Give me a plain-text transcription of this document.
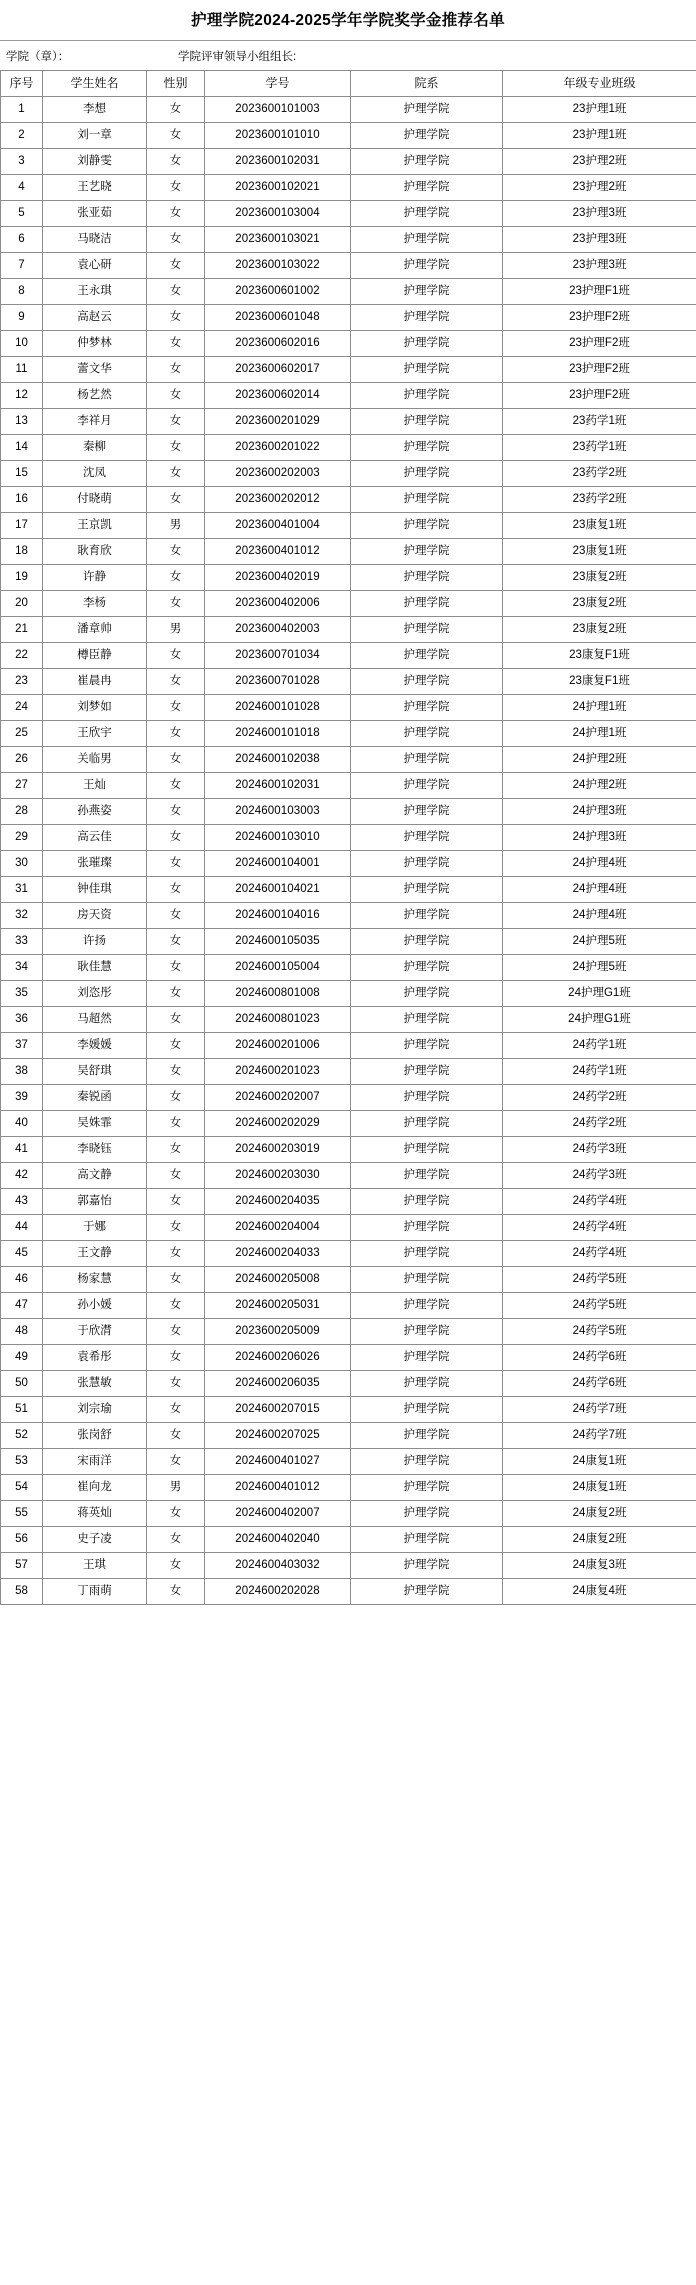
护理学院2024-2025学年学院奖学金推荐名单
学院（章）：	学院评审领导小组组长:
序号	学生姓名	性别	学号	院系	年级专业班级
1	李想	女	2023600101003	护理学院	23护理1班
2	刘一章	女	2023600101010	护理学院	23护理1班
3	刘静雯	女	2023600102031	护理学院	23护理2班
4	王艺晓	女	2023600102021	护理学院	23护理2班
5	张亚茹	女	2023600103004	护理学院	23护理3班
6	马晓洁	女	2023600103021	护理学院	23护理3班
7	袁心研	女	2023600103022	护理学院	23护理3班
8	王永琪	女	2023600601002	护理学院	23护理F1班
9	高赵云	女	2023600601048	护理学院	23护理F2班
10	仲梦林	女	2023600602016	护理学院	23护理F2班
11	蕾文华	女	2023600602017	护理学院	23护理F2班
12	杨艺然	女	2023600602014	护理学院	23护理F2班
13	李祥月	女	2023600201029	护理学院	23药学1班
14	秦柳	女	2023600201022	护理学院	23药学1班
15	沈凤	女	2023600202003	护理学院	23药学2班
16	付晓萌	女	2023600202012	护理学院	23药学2班
17	王京凯	男	2023600401004	护理学院	23康复1班
18	耿育欣	女	2023600401012	护理学院	23康复1班
19	许静	女	2023600402019	护理学院	23康复2班
20	李杨	女	2023600402006	护理学院	23康复2班
21	潘章帅	男	2023600402003	护理学院	23康复2班
22	樽臣静	女	2023600701034	护理学院	23康复F1班
23	崔晨冉	女	2023600701028	护理学院	23康复F1班
24	刘梦如	女	2024600101028	护理学院	24护理1班
25	王欣宇	女	2024600101018	护理学院	24护理1班
26	关临男	女	2024600102038	护理学院	24护理2班
27	王灿	女	2024600102031	护理学院	24护理2班
28	孙燕姿	女	2024600103003	护理学院	24护理3班
29	高云佳	女	2024600103010	护理学院	24护理3班
30	张璀璨	女	2024600104001	护理学院	24护理4班
31	钟佳琪	女	2024600104021	护理学院	24护理4班
32	房天资	女	2024600104016	护理学院	24护理4班
33	许扬	女	2024600105035	护理学院	24护理5班
34	耿佳慧	女	2024600105004	护理学院	24护理5班
35	刘恣彤	女	2024600801008	护理学院	24护理G1班
36	马超然	女	2024600801023	护理学院	24护理G1班
37	李媛媛	女	2024600201006	护理学院	24药学1班
38	吴舒琪	女	2024600201023	护理学院	24药学1班
39	秦锐函	女	2024600202007	护理学院	24药学2班
40	吴姝霏	女	2024600202029	护理学院	24药学2班
41	李晓钰	女	2024600203019	护理学院	24药学3班
42	高文静	女	2024600203030	护理学院	24药学3班
43	郭嘉怡	女	2024600204035	护理学院	24药学4班
44	于娜	女	2024600204004	护理学院	24药学4班
45	王文静	女	2024600204033	护理学院	24药学4班
46	杨家慧	女	2024600205008	护理学院	24药学5班
47	孙小媛	女	2024600205031	护理学院	24药学5班
48	于欣潸	女	2023600205009	护理学院	24药学5班
49	袁希彤	女	2024600206026	护理学院	24药学6班
50	张慧敏	女	2024600206035	护理学院	24药学6班
51	刘宗瑜	女	2024600207015	护理学院	24药学7班
52	张岗舒	女	2024600207025	护理学院	24药学7班
53	宋雨洋	女	2024600401027	护理学院	24康复1班
54	崔向龙	男	2024600401012	护理学院	24康复1班
55	蒋英灿	女	2024600402007	护理学院	24康复2班
56	史子凌	女	2024600402040	护理学院	24康复2班
57	王琪	女	2024600403032	护理学院	24康复3班
58	丁雨萌	女	2024600202028	护理学院	24康复4班
